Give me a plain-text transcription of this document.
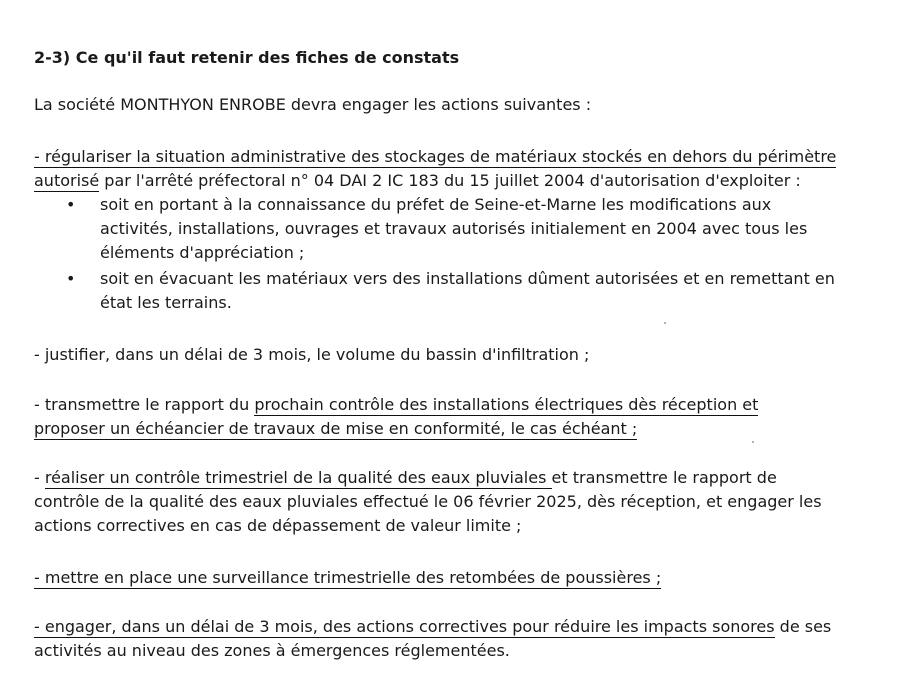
2-3) Ce qu'il faut retenir des fiches de constats
La société MONTHYON ENROBE devra engager les actions suivantes :
- régulariser la situation administrative des stockages de matériaux stockés en dehors du périmètre
autorisé par l'arrêté préfectoral n° 04 DAI 2 IC 183 du 15 juillet 2004 d'autorisation d'exploiter :
• soit en portant à la connaissance du préfet de Seine-et-Marne les modifications aux
activités, installations, ouvrages et travaux autorisés initialement en 2004 avec tous les
éléments d'appréciation ;
• soit en évacuant les matériaux vers des installations dûment autorisées et en remettant en
état les terrains.
- justifier, dans un délai de 3 mois, le volume du bassin d'infiltration ;
- transmettre le rapport du prochain contrôle des installations électriques dès réception et
proposer un échéancier de travaux de mise en conformité, le cas échéant ;
- réaliser un contrôle trimestriel de la qualité des eaux pluviales et transmettre le rapport de
contrôle de la qualité des eaux pluviales effectué le 06 février 2025, dès réception, et engager les
actions correctives en cas de dépassement de valeur limite ;
- mettre en place une surveillance trimestrielle des retombées de poussières ;
- engager, dans un délai de 3 mois, des actions correctives pour réduire les impacts sonores de ses
activités au niveau des zones à émergences réglementées.
